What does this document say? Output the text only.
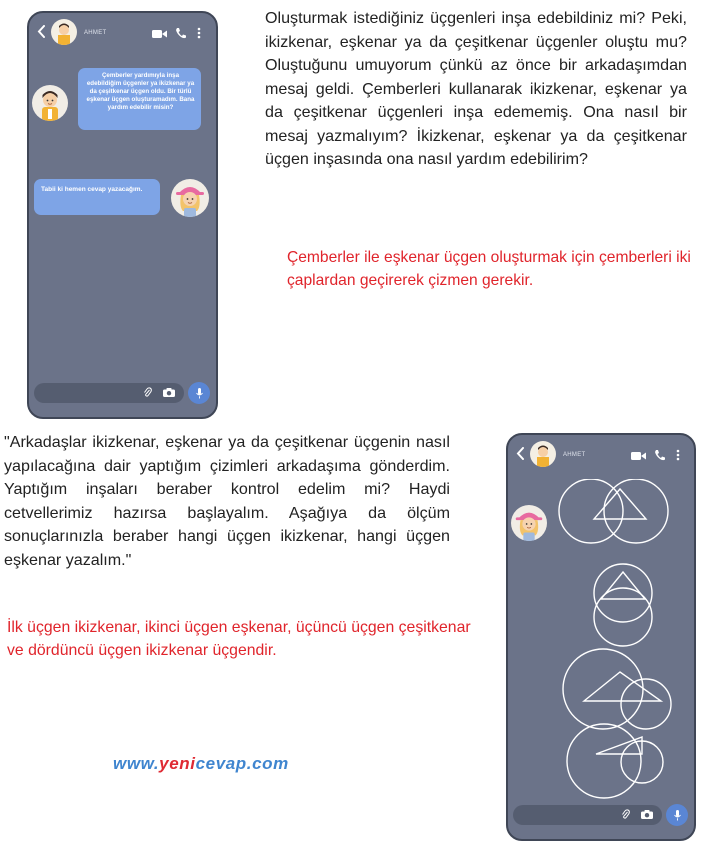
AHMET
Çemberler yardımıyla inşa edebildiğim üçgenler ya ikizkenar ya da çeşitkenar üçgen oldu. Bir türlü eşkenar üçgen oluşturamadım. Bana yardım edebilir misin?
Tabii ki hemen cevap yazacağım.

Oluşturmak istediğiniz üçgenleri inşa edebildiniz mi? Peki, ikizkenar, eşkenar ya da çeşitkenar üçgenler oluştu mu? Oluştuğunu umuyorum çünkü az önce bir arkadaşımdan mesaj geldi. Çemberleri kullanarak ikizkenar, eşkenar ya da çeşitkenar üçgenleri inşa edememiş. Ona nasıl bir mesaj yazmalıyım? İkizkenar, eşkenar ya da çeşitkenar üçgen inşasında ona nasıl yardım edebilirim?

Çemberler ile eşkenar üçgen oluşturmak için çemberleri iki çaplardan geçirerek çizmen gerekir.

"Arkadaşlar ikizkenar, eşkenar ya da çeşitkenar üçgenin nasıl yapılacağına dair yaptığım çizimleri arkadaşıma gönderdim. Yaptığım inşaları beraber kontrol edelim mi? Haydi cetvellerimiz hazırsa başlayalım. Aşağıya da ölçüm sonuçlarınızla beraber hangi üçgen ikizkenar, hangi üçgen eşkenar yazalım."

İlk üçgen ikizkenar, ikinci üçgen eşkenar, üçüncü üçgen çeşitkenar ve dördüncü üçgen ikizkenar üçgendir.

www.yenicevap.com
AHMET
